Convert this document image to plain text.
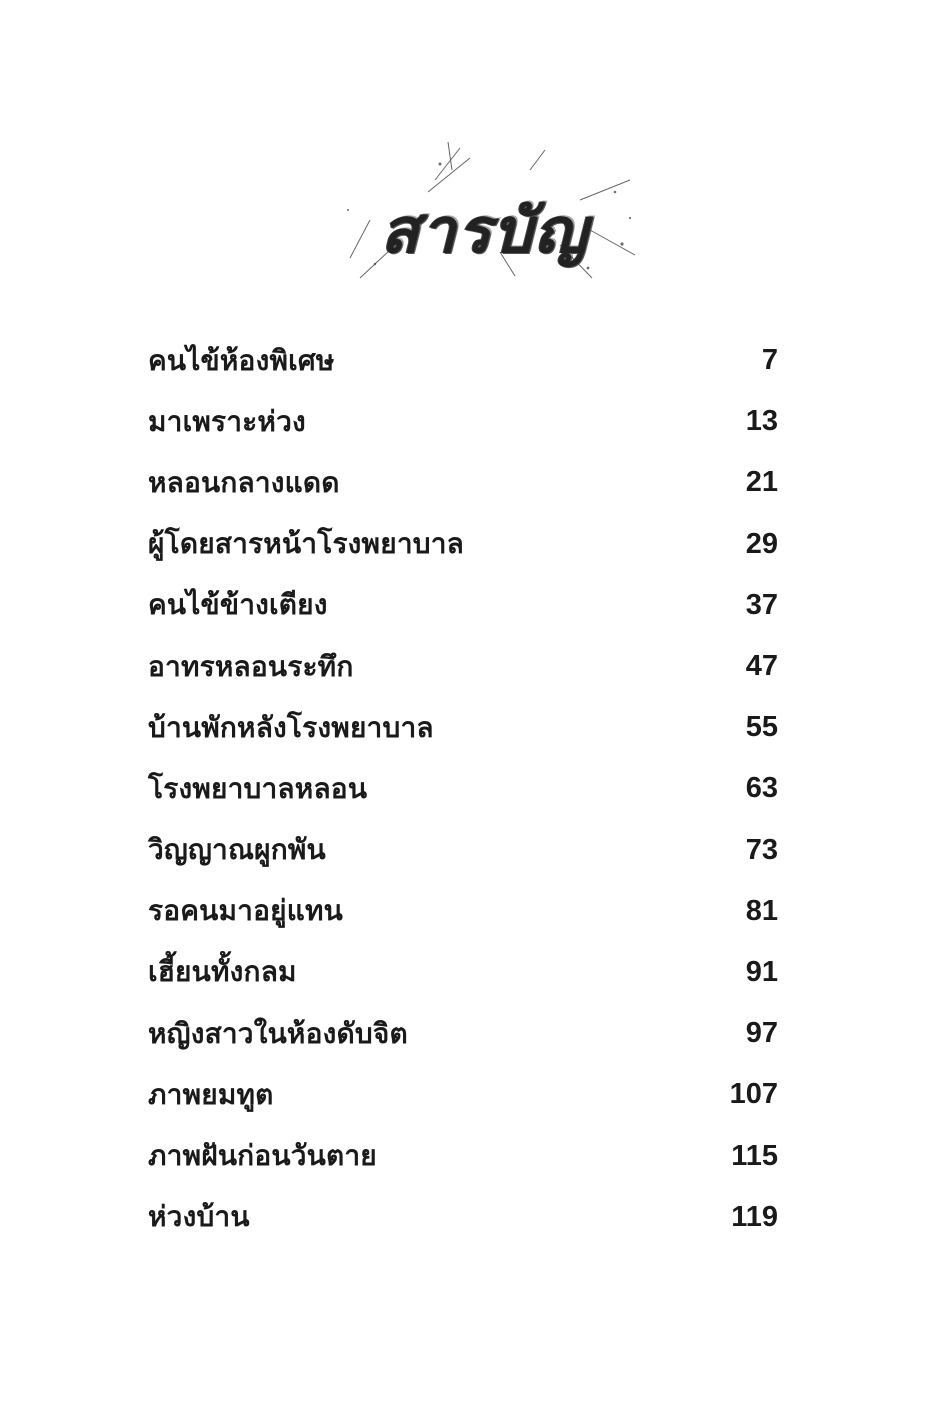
สารบัญ
คนไข้ห้องพิเศษ	7
มาเพราะห่วง	13
หลอนกลางแดด	21
ผู้โดยสารหน้าโรงพยาบาล	29
คนไข้ข้างเตียง	37
อาทรหลอนระทึก	47
บ้านพักหลังโรงพยาบาล	55
โรงพยาบาลหลอน	63
วิญญาณผูกพัน	73
รอคนมาอยู่แทน	81
เฮี้ยนทั้งกลม	91
หญิงสาวในห้องดับจิต	97
ภาพยมทูต	107
ภาพฝันก่อนวันตาย	115
ห่วงบ้าน	119
